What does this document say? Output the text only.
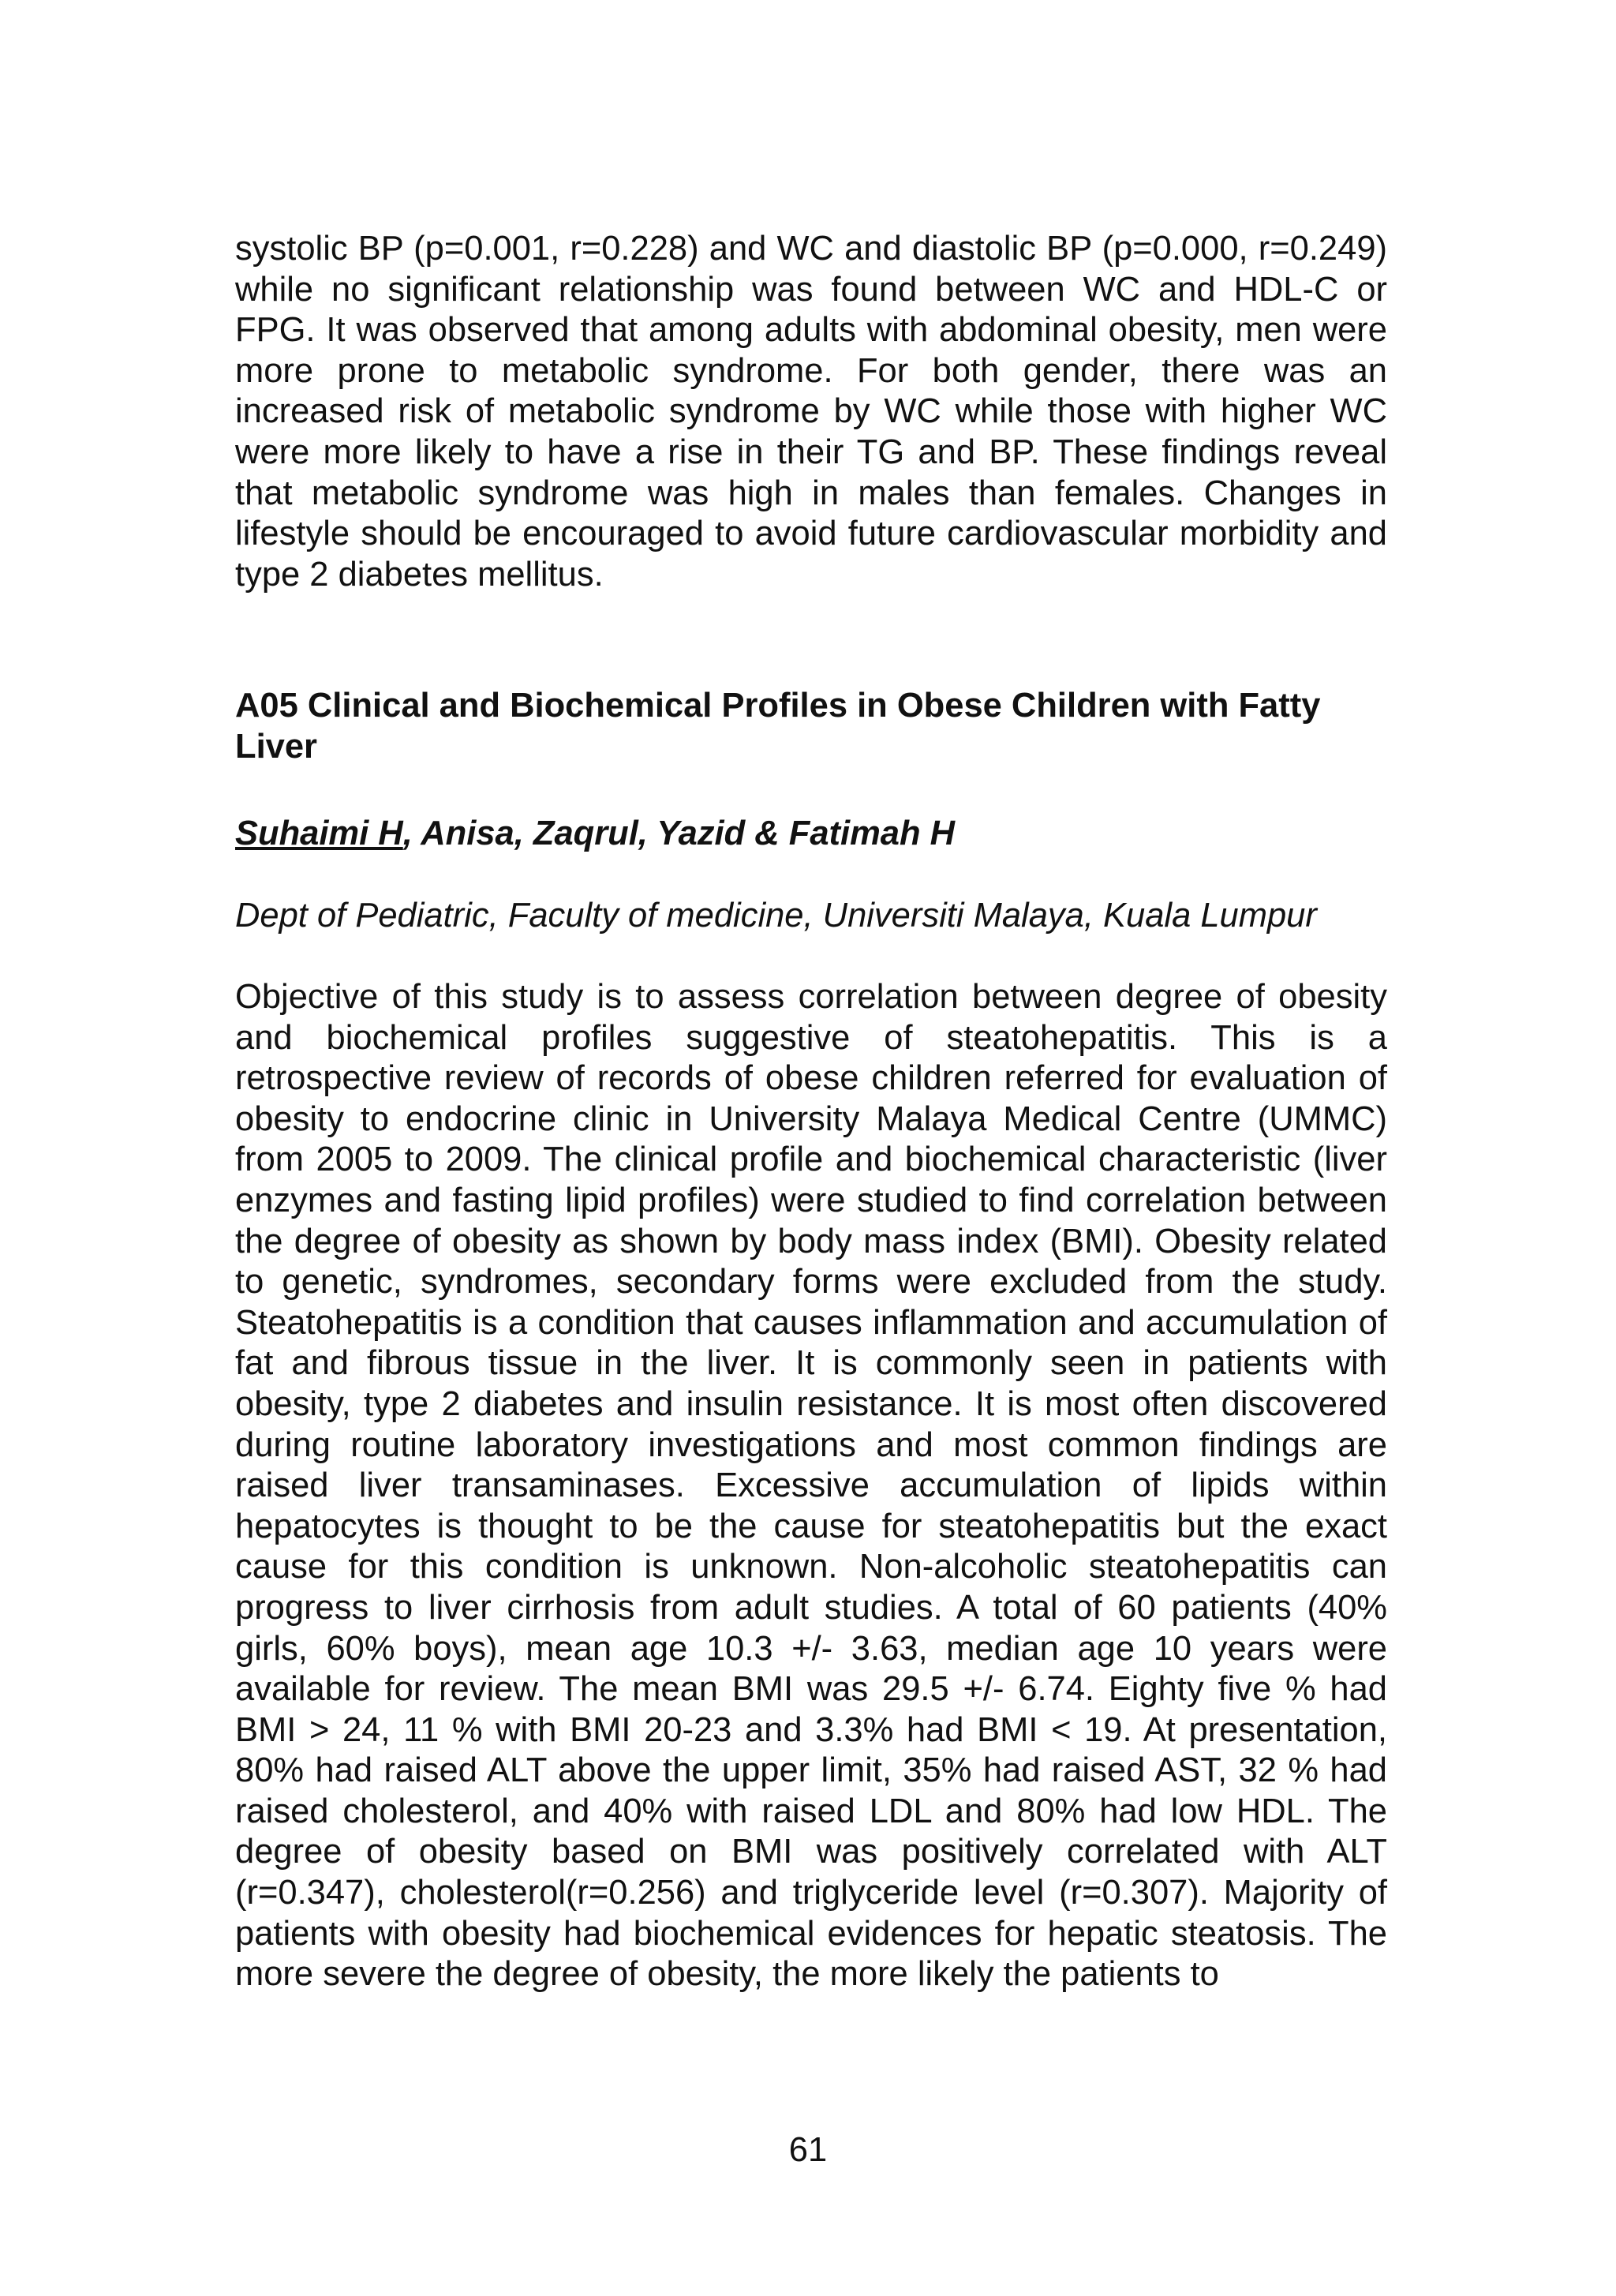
systolic BP (p=0.001, r=0.228) and WC and diastolic BP (p=0.000, r=0.249) while no significant relationship was found between WC and HDL-C or FPG. It was observed that among adults with abdominal obesity, men were more prone to metabolic syndrome. For both gender, there was an increased risk of metabolic syndrome by WC while those with higher WC were more likely to have a rise in their TG and BP. These findings reveal that metabolic syndrome was high in males than females. Changes in lifestyle should be encouraged to avoid future cardiovascular morbidity and type 2 diabetes mellitus.

A05 Clinical and Biochemical Profiles in Obese Children with Fatty Liver

Suhaimi H, Anisa, Zaqrul, Yazid & Fatimah H

Dept of Pediatric, Faculty of medicine, Universiti Malaya, Kuala Lumpur

Objective of this study is to assess correlation between degree of obesity and biochemical profiles suggestive of steatohepatitis. This is a retrospective review of records of obese children referred for evaluation of obesity to endocrine clinic in University Malaya Medical Centre (UMMC) from 2005 to 2009. The clinical profile and biochemical characteristic (liver enzymes and fasting lipid profiles) were studied to find correlation between the degree of obesity as shown by body mass index (BMI). Obesity related to genetic, syndromes, secondary forms were excluded from the study. Steatohepatitis is a condition that causes inflammation and accumulation of fat and fibrous tissue in the liver. It is commonly seen in patients with obesity, type 2 diabetes and insulin resistance. It is most often discovered during routine laboratory investigations and most common findings are raised liver transaminases. Excessive accumulation of lipids within hepatocytes is thought to be the cause for steatohepatitis but the exact cause for this condition is unknown. Non-alcoholic steatohepatitis can progress to liver cirrhosis from adult studies. A total of 60 patients (40% girls, 60% boys), mean age 10.3 +/- 3.63, median age 10 years were available for review. The mean BMI was 29.5 +/- 6.74. Eighty five % had BMI > 24, 11 % with BMI 20-23 and 3.3% had BMI < 19. At presentation, 80% had raised ALT above the upper limit, 35% had raised AST, 32 % had raised cholesterol, and 40% with raised LDL and 80% had low HDL. The degree of obesity based on BMI was positively correlated with ALT (r=0.347), cholesterol(r=0.256) and triglyceride level (r=0.307). Majority of patients with obesity had biochemical evidences for hepatic steatosis. The more severe the degree of obesity, the more likely the patients to

61
